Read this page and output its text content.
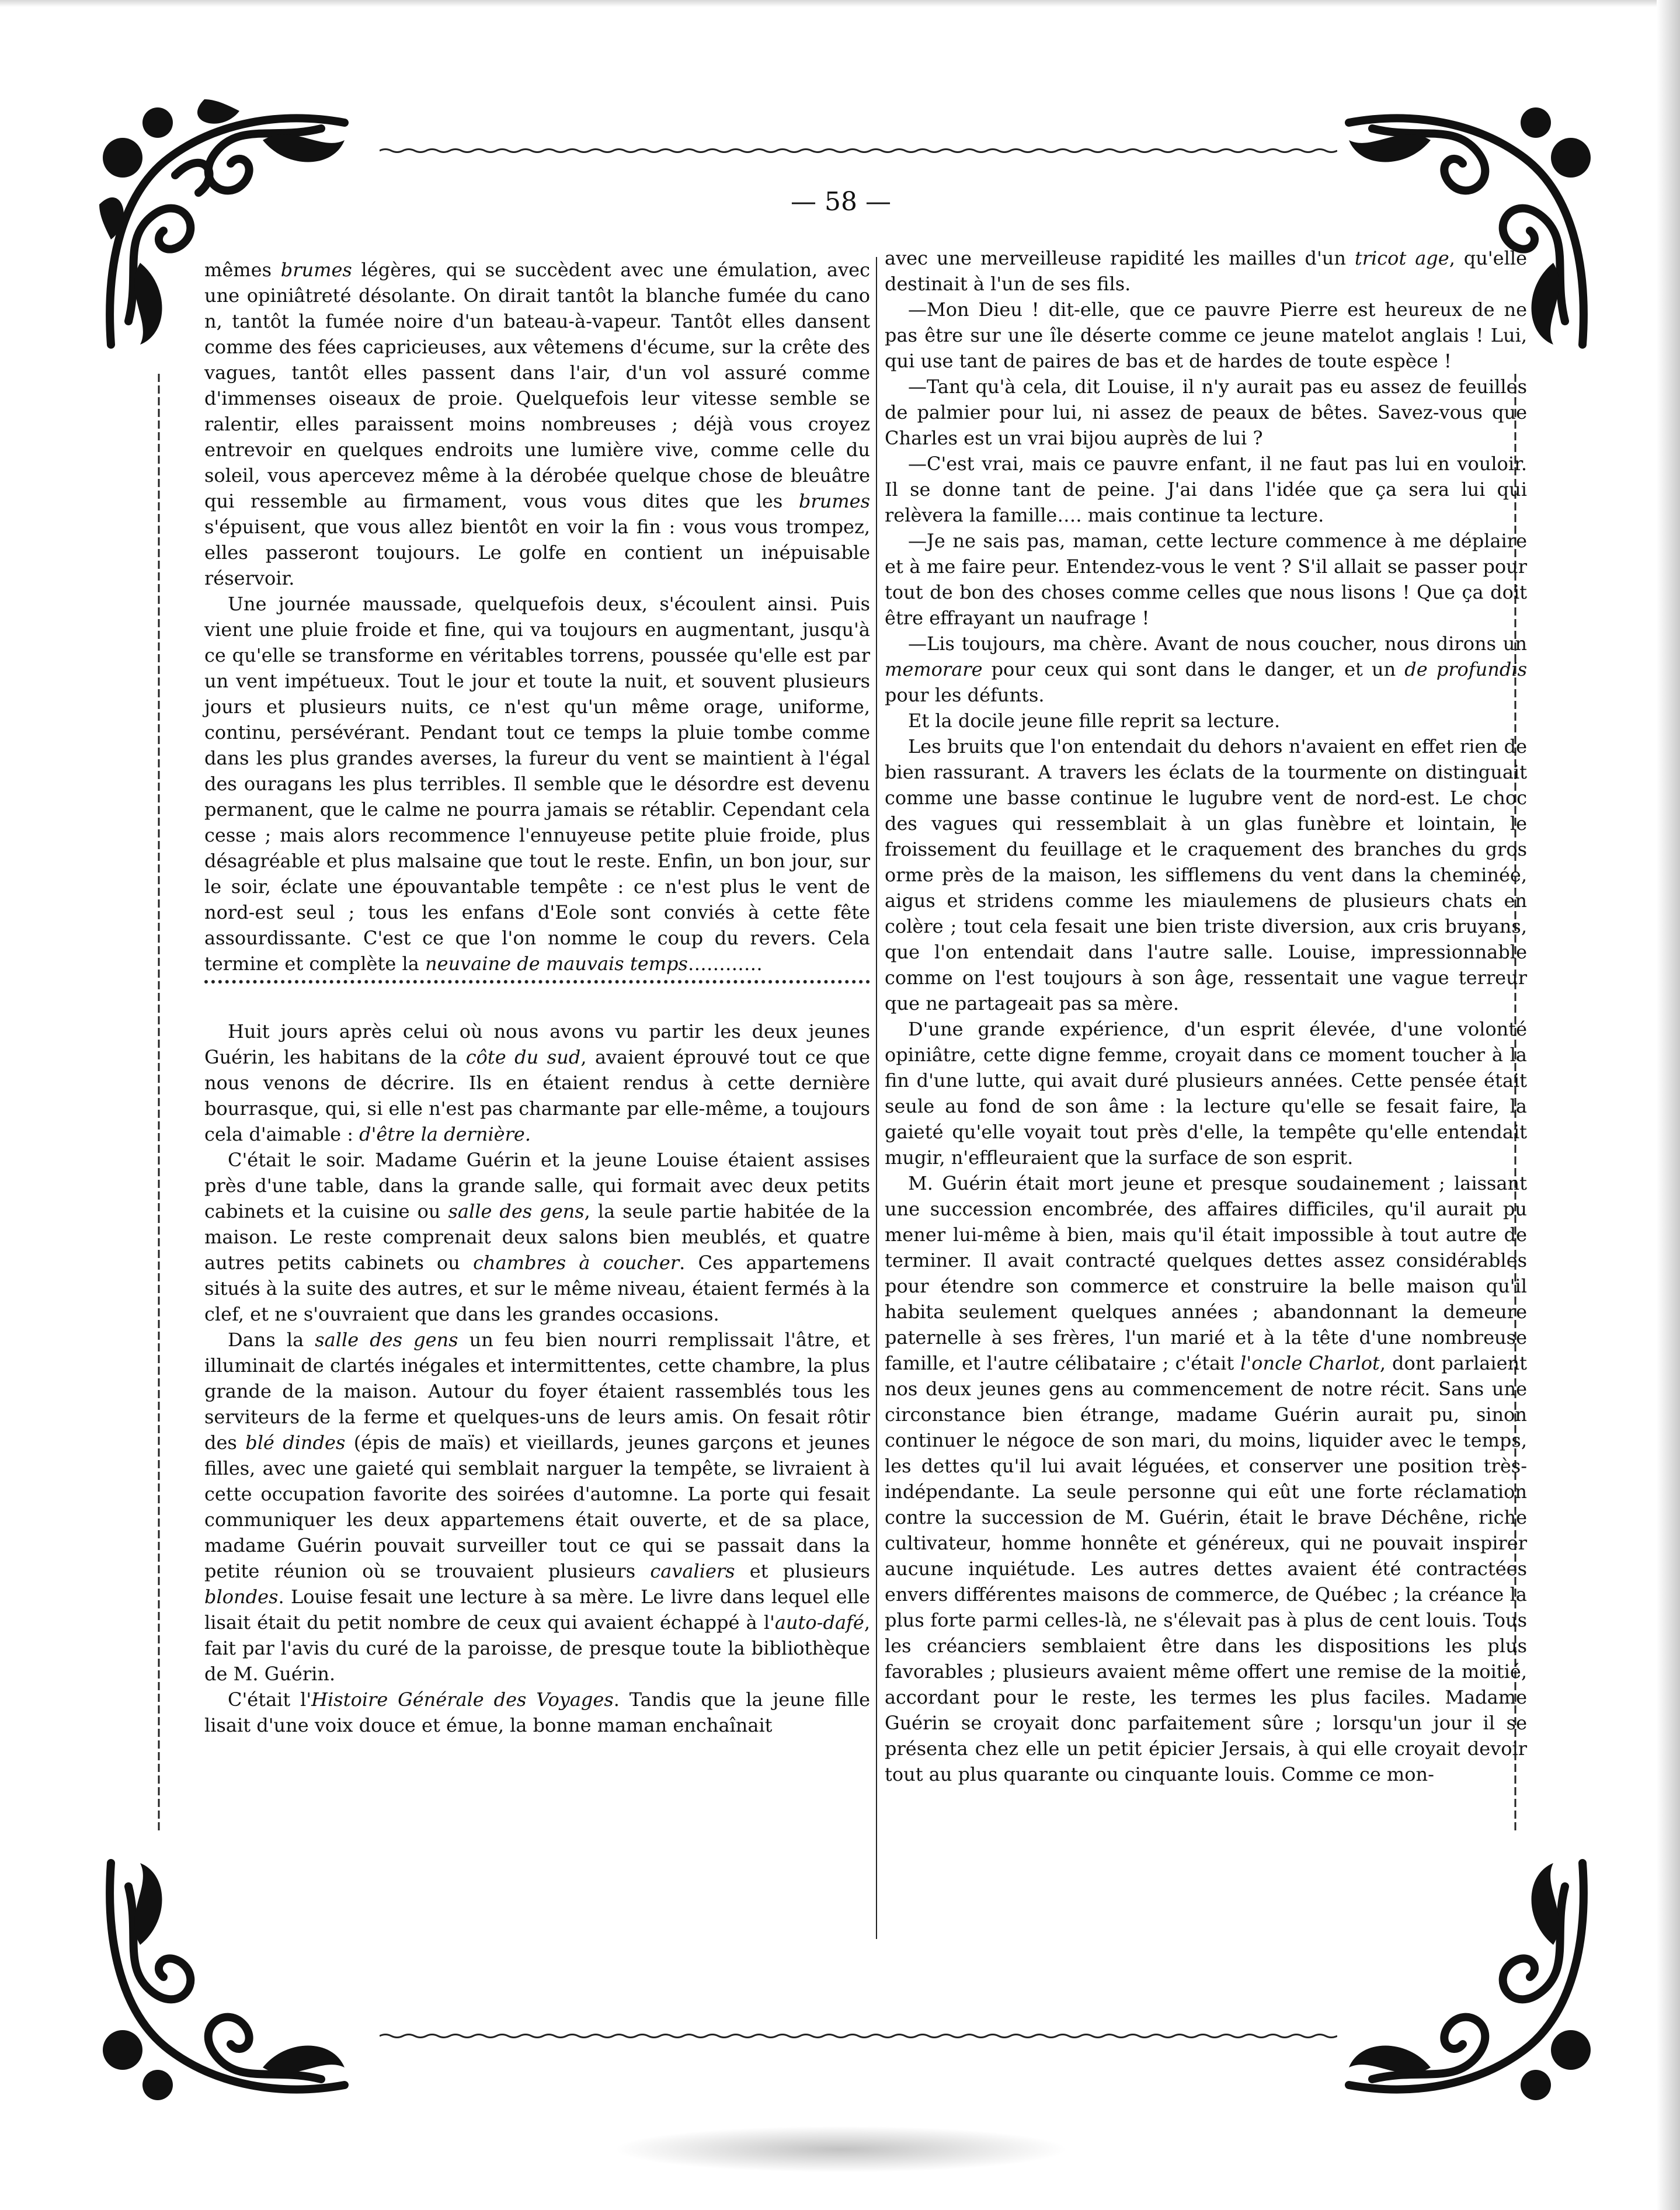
— 58 —

mêmes brumes légères, qui se succèdent avec une émulation, avec une opiniâtreté désolante. On dirait tantôt la blanche fumée du cano n, tantôt la fumée noire d'un bateau-à-vapeur. Tantôt elles dansent comme des fées capricieuses, aux vêtemens d'écume, sur la crête des vagues, tantôt elles passent dans l'air, d'un vol assuré comme d'immenses oiseaux de proie. Quelquefois leur vitesse semble se ralentir, elles paraissent moins nombreuses ; déjà vous croyez entrevoir en quelques endroits une lumière vive, comme celle du soleil, vous apercevez même à la dérobée quelque chose de bleuâtre qui ressemble au firmament, vous vous dites que les brumes s'épuisent, que vous allez bientôt en voir la fin : vous vous trompez, elles passeront toujours. Le golfe en contient un inépuisable réservoir.

Une journée maussade, quelquefois deux, s'écoulent ainsi. Puis vient une pluie froide et fine, qui va toujours en augmentant, jusqu'à ce qu'elle se transforme en véritables torrens, poussée qu'elle est par un vent impétueux. Tout le jour et toute la nuit, et souvent plusieurs jours et plusieurs nuits, ce n'est qu'un même orage, uniforme, continu, persévérant. Pendant tout ce temps la pluie tombe comme dans les plus grandes averses, la fureur du vent se maintient à l'égal des ouragans les plus terribles. Il semble que le désordre est devenu permanent, que le calme ne pourra jamais se rétablir. Cependant cela cesse ; mais alors recommence l'ennuyeuse petite pluie froide, plus désagréable et plus malsaine que tout le reste. Enfin, un bon jour, sur le soir, éclate une épouvantable tempête : ce n'est plus le vent de nord-est seul ; tous les enfans d'Eole sont conviés à cette fête assourdissante. C'est ce que l'on nomme le coup du revers. Cela termine et complète la neuvaine de mauvais temps…………

Huit jours après celui où nous avons vu partir les deux jeunes Guérin, les habitans de la côte du sud, avaient éprouvé tout ce que nous venons de décrire. Ils en étaient rendus à cette dernière bourrasque, qui, si elle n'est pas charmante par elle-même, a toujours cela d'aimable : d'être la dernière.

C'était le soir. Madame Guérin et la jeune Louise étaient assises près d'une table, dans la grande salle, qui formait avec deux petits cabinets et la cuisine ou salle des gens, la seule partie habitée de la maison. Le reste comprenait deux salons bien meublés, et quatre autres petits cabinets ou chambres à coucher. Ces appartemens situés à la suite des autres, et sur le même niveau, étaient fermés à la clef, et ne s'ouvraient que dans les grandes occasions.

Dans la salle des gens un feu bien nourri remplissait l'âtre, et illuminait de clartés inégales et intermittentes, cette chambre, la plus grande de la maison. Autour du foyer étaient rassemblés tous les serviteurs de la ferme et quelques-uns de leurs amis. On fesait rôtir des blé dindes (épis de maïs) et vieillards, jeunes garçons et jeunes filles, avec une gaieté qui semblait narguer la tempête, se livraient à cette occupation favorite des soirées d'automne. La porte qui fesait communiquer les deux appartemens était ouverte, et de sa place, madame Guérin pouvait surveiller tout ce qui se passait dans la petite réunion où se trouvaient plusieurs cavaliers et plusieurs blondes. Louise fesait une lecture à sa mère. Le livre dans lequel elle lisait était du petit nombre de ceux qui avaient échappé à l'auto-dafé, fait par l'avis du curé de la paroisse, de presque toute la bibliothèque de M. Guérin.

C'était l'Histoire Générale des Voyages. Tandis que la jeune fille lisait d'une voix douce et émue, la bonne maman enchaînait

avec une merveilleuse rapidité les mailles d'un tricot age, qu'elle destinait à l'un de ses fils.

—Mon Dieu ! dit-elle, que ce pauvre Pierre est heureux de ne pas être sur une île déserte comme ce jeune matelot anglais ! Lui, qui use tant de paires de bas et de hardes de toute espèce !

—Tant qu'à cela, dit Louise, il n'y aurait pas eu assez de feuilles de palmier pour lui, ni assez de peaux de bêtes. Savez-vous que Charles est un vrai bijou auprès de lui ?

—C'est vrai, mais ce pauvre enfant, il ne faut pas lui en vouloir. Il se donne tant de peine. J'ai dans l'idée que ça sera lui qui relèvera la famille…. mais continue ta lecture.

—Je ne sais pas, maman, cette lecture commence à me déplaire et à me faire peur. Entendez-vous le vent ? S'il allait se passer pour tout de bon des choses comme celles que nous lisons ! Que ça doit être effrayant un naufrage !

—Lis toujours, ma chère. Avant de nous coucher, nous dirons un memorare pour ceux qui sont dans le danger, et un de profundis pour les défunts.

Et la docile jeune fille reprit sa lecture.

Les bruits que l'on entendait du dehors n'avaient en effet rien de bien rassurant. A travers les éclats de la tourmente on distinguait comme une basse continue le lugubre vent de nord-est. Le choc des vagues qui ressemblait à un glas funèbre et lointain, le froissement du feuillage et le craquement des branches du gros orme près de la maison, les sifflemens du vent dans la cheminée, aigus et stridens comme les miaulemens de plusieurs chats en colère ; tout cela fesait une bien triste diversion, aux cris bruyans, que l'on entendait dans l'autre salle. Louise, impressionnable comme on l'est toujours à son âge, ressentait une vague terreur que ne partageait pas sa mère.

D'une grande expérience, d'un esprit élevée, d'une volonté opiniâtre, cette digne femme, croyait dans ce moment toucher à la fin d'une lutte, qui avait duré plusieurs années. Cette pensée était seule au fond de son âme : la lecture qu'elle se fesait faire, la gaieté qu'elle voyait tout près d'elle, la tempête qu'elle entendait mugir, n'effleuraient que la surface de son esprit.

M. Guérin était mort jeune et presque soudainement ; laissant une succession encombrée, des affaires difficiles, qu'il aurait pu mener lui-même à bien, mais qu'il était impossible à tout autre de terminer. Il avait contracté quelques dettes assez considérables pour étendre son commerce et construire la belle maison qu'il habita seulement quelques années ; abandonnant la demeure paternelle à ses frères, l'un marié et à la tête d'une nombreuse famille, et l'autre célibataire ; c'était l'oncle Charlot, dont parlaient nos deux jeunes gens au commencement de notre récit. Sans une circonstance bien étrange, madame Guérin aurait pu, sinon continuer le négoce de son mari, du moins, liquider avec le temps, les dettes qu'il lui avait léguées, et conserver une position très-indépendante. La seule personne qui eût une forte réclamation contre la succession de M. Guérin, était le brave Déchêne, riche cultivateur, homme honnête et généreux, qui ne pouvait inspirer aucune inquiétude. Les autres dettes avaient été contractées envers différentes maisons de commerce, de Québec ; la créance la plus forte parmi celles-là, ne s'élevait pas à plus de cent louis. Tous les créanciers semblaient être dans les dispositions les plus favorables ; plusieurs avaient même offert une remise de la moitié, accordant pour le reste, les termes les plus faciles. Madame Guérin se croyait donc parfaitement sûre ; lorsqu'un jour il se présenta chez elle un petit épicier Jersais, à qui elle croyait devoir tout au plus quarante ou cinquante louis. Comme ce mon-
